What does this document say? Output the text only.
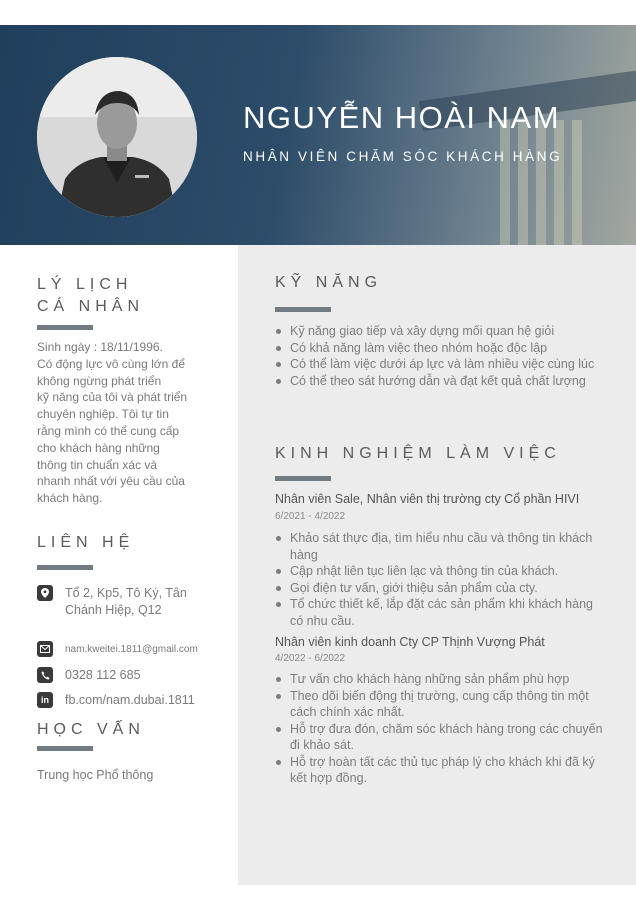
NGUYỄN HOÀI NAM
NHÂN VIÊN CHĂM SÓC KHÁCH HÀNG
LÝ LỊCH
CÁ NHÂN
Sinh ngày : 18/11/1996.
Có động lực vô cùng lớn để
không ngừng phát triển
kỹ năng của tôi và phát triển
chuyên nghiệp. Tôi tự tin
rằng mình có thể cung cấp
cho khách hàng những
thông tin chuẩn xác và
nhanh nhất với yêu cầu của
khách hàng.
LIÊN HỆ
Tổ 2, Kp5, Tô Ký, Tân
Chánh Hiệp, Q12
nam.kweitei.1811@gmail.com
0328 112 685
in	fb.com/nam.dubai.1811
HỌC VẤN
Trung học Phổ thông
KỸ NĂNG
Kỹ năng giao tiếp và xây dựng mối quan hệ giỏi
Có khả năng làm việc theo nhóm hoặc độc lập
Có thể làm việc dưới áp lực và làm nhiều việc cùng lúc
Có thể theo sát hướng dẫn và đạt kết quả chất lượng
KINH NGHIỆM LÀM VIỆC
Nhân viên Sale, Nhân viên thị trường cty Cổ phần HIVI
6/2021 - 4/2022
Khảo sát thực địa, tìm hiểu nhu cầu và thông tin khách hàng
Cập nhật liên tục liên lạc và thông tin của khách.
Gọi điện tư vấn, giới thiệu sản phẩm của cty.
Tổ chức thiết kế, lắp đặt các sản phẩm khi khách hàng có nhu cầu.
Nhân viên kinh doanh Cty CP Thịnh Vượng Phát
4/2022 - 6/2022
Tư vấn cho khách hàng những sản phẩm phù hợp
Theo dõi biến động thị trường, cung cấp thông tin một cách chính xác nhất.
Hỗ trợ đưa đón, chăm sóc khách hàng trong các chuyến đi khảo sát.
Hỗ trợ hoàn tất các thủ tục pháp lý cho khách khi đã ký kết hợp đồng.
